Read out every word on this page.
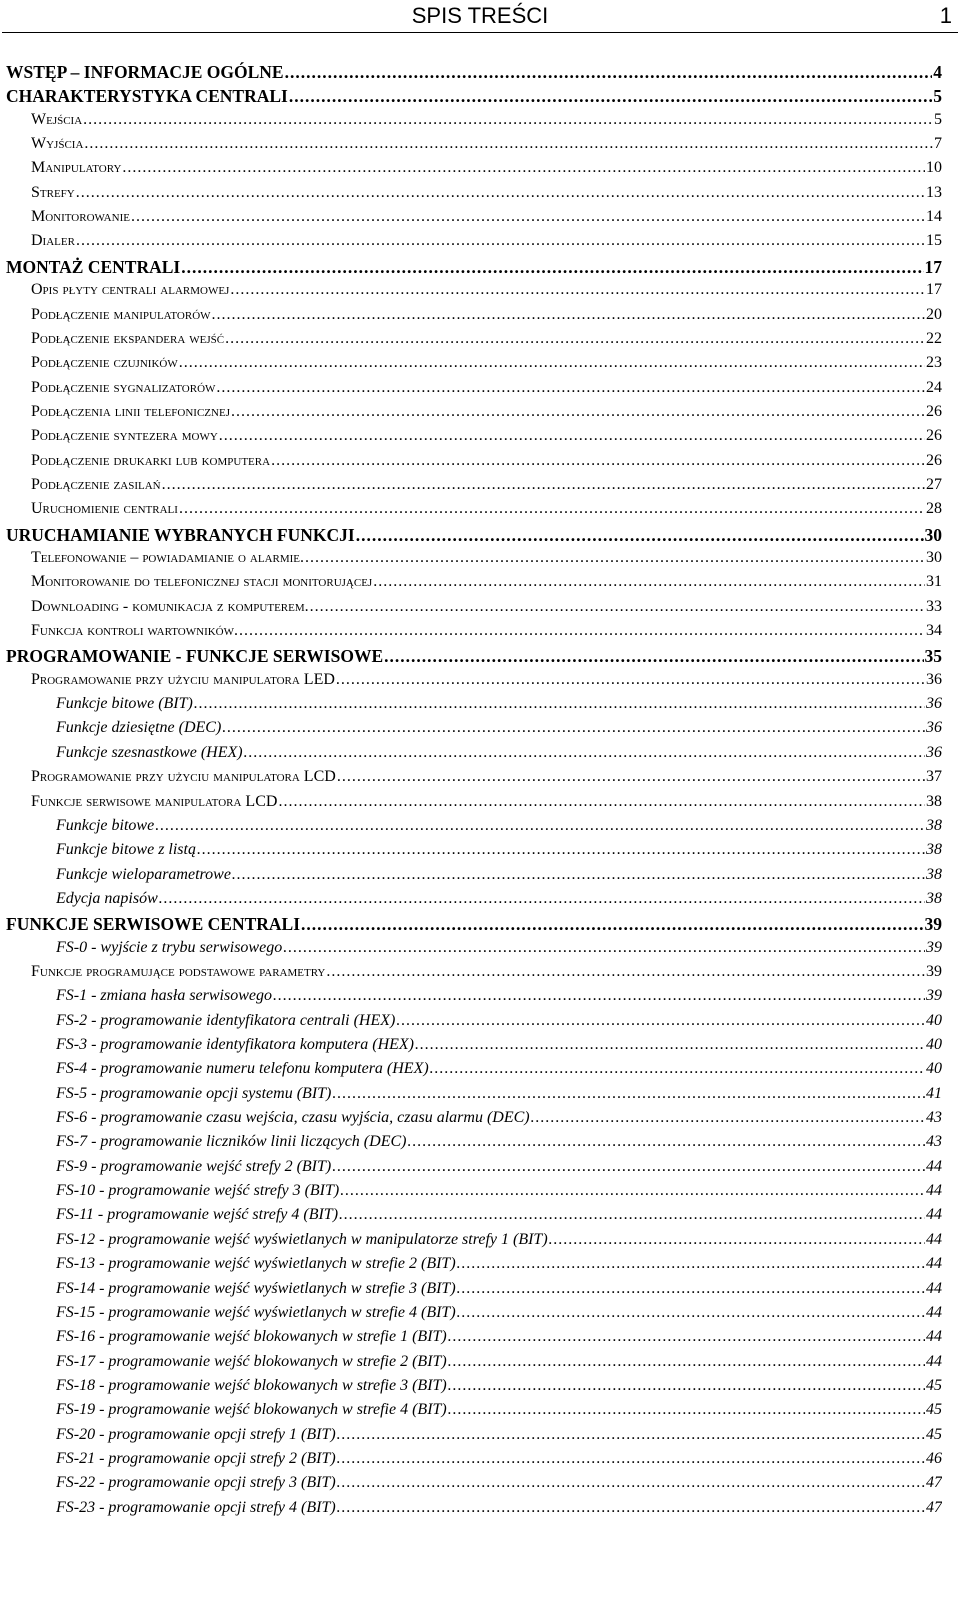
SPIS TREŚCI	1
WSTĘP – INFORMACJE OGÓLNE .....	4
CHARAKTERYSTYKA CENTRALI .....	5
Wejścia .....	5
Wyjścia .....	7
Manipulatory .....	10
Strefy .....	13
Monitorowanie .....	14
Dialer .....	15
MONTAŻ CENTRALI .....	17
Opis płyty centrali alarmowej .....	17
Podłączenie manipulatorów .....	20
Podłączenie ekspandera wejść .....	22
Podłączenie czujników .....	23
Podłączenie sygnalizatorów .....	24
Podłączenia linii telefonicznej .....	26
Podłączenie syntezera mowy .....	26
Podłączenie drukarki lub komputera .....	26
Podłączenie zasilań .....	27
Uruchomienie centrali .....	28
URUCHAMIANIE WYBRANYCH FUNKCJI .....	30
Telefonowanie – powiadamianie o alarmie. .....	30
Monitorowanie do telefonicznej stacji monitorującej .....	31
Downloading - komunikacja z komputerem. .....	33
Funkcja kontroli wartowników. .....	34
PROGRAMOWANIE - FUNKCJE SERWISOWE .....	35
Programowanie przy użyciu manipulatora LED .....	36
Funkcje bitowe (BIT) .....	36
Funkcje dziesiętne (DEC) .....	36
Funkcje szesnastkowe (HEX) .....	36
Programowanie przy użyciu manipulatora LCD .....	37
Funkcje serwisowe manipulatora LCD .....	38
Funkcje bitowe .....	38
Funkcje bitowe z listą .....	38
Funkcje wieloparametrowe .....	38
Edycja napisów .....	38
FUNKCJE SERWISOWE CENTRALI .....	39
FS-0 - wyjście z trybu serwisowego .....	39
Funkcje programujące podstawowe parametry .....	39
FS-1 - zmiana hasła serwisowego .....	39
FS-2 - programowanie identyfikatora centrali (HEX) .....	40
FS-3 - programowanie identyfikatora komputera (HEX) .....	40
FS-4 - programowanie numeru telefonu komputera (HEX) .....	40
FS-5 - programowanie opcji systemu (BIT) .....	41
FS-6 - programowanie czasu wejścia, czasu wyjścia, czasu alarmu (DEC) .....	43
FS-7 - programowanie liczników linii liczących (DEC) .....	43
FS-9 - programowanie wejść strefy 2 (BIT) .....	44
FS-10 - programowanie wejść strefy 3 (BIT) .....	44
FS-11 - programowanie wejść strefy 4 (BIT) .....	44
FS-12 - programowanie wejść wyświetlanych w manipulatorze strefy 1 (BIT) .....	44
FS-13 - programowanie wejść wyświetlanych w strefie 2 (BIT) .....	44
FS-14 - programowanie wejść wyświetlanych w strefie 3 (BIT) .....	44
FS-15 - programowanie wejść wyświetlanych w strefie 4 (BIT) .....	44
FS-16 - programowanie wejść blokowanych w strefie 1 (BIT) .....	44
FS-17 - programowanie wejść blokowanych w strefie 2 (BIT) .....	44
FS-18 - programowanie wejść blokowanych w strefie 3 (BIT) .....	45
FS-19 - programowanie wejść blokowanych w strefie 4 (BIT) .....	45
FS-20 - programowanie opcji strefy 1 (BIT) .....	45
FS-21 - programowanie opcji strefy 2 (BIT) .....	46
FS-22 - programowanie opcji strefy 3 (BIT) .....	47
FS-23 - programowanie opcji strefy 4 (BIT) .....	47
